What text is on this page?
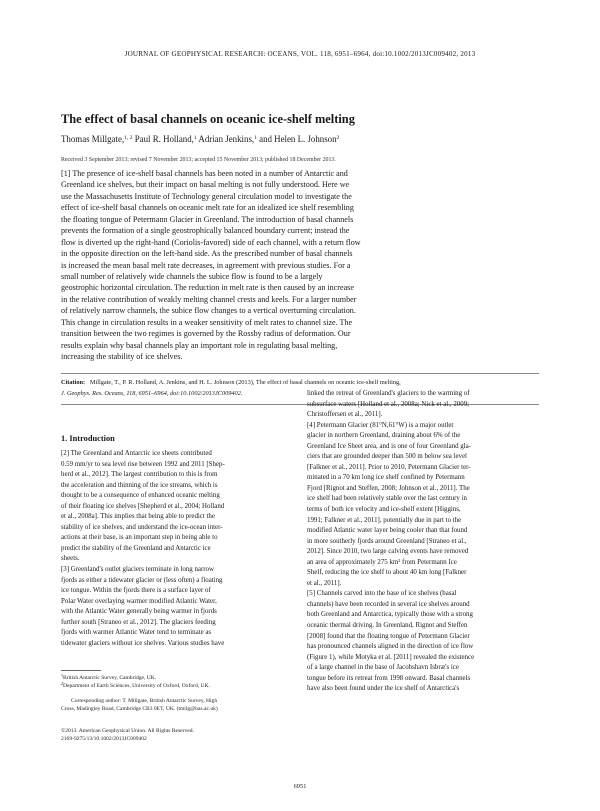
JOURNAL OF GEOPHYSICAL RESEARCH: OCEANS, VOL. 118, 6951–6964, doi:10.1002/2013JC009402, 2013
The effect of basal channels on oceanic ice-shelf melting
Thomas Millgate,$^{1, 2}$ Paul R. Holland,$^1$ Adrian Jenkins,$^1$ and Helen L. Johnson$^2$
Received 3 September 2013; revised 7 November 2013; accepted 15 November 2013; published 18 December 2013.
[1] The presence of ice-shelf basal channels has been noted in a number of Antarctic and
Greenland ice shelves, but their impact on basal melting is not fully understood. Here we
use the Massachusetts Institute of Technology general circulation model to investigate the
effect of ice-shelf basal channels on oceanic melt rate for an idealized ice shelf resembling
the floating tongue of Petermann Glacier in Greenland. The introduction of basal channels
prevents the formation of a single geostrophically balanced boundary current; instead the
flow is diverted up the right-hand (Coriolis-favored) side of each channel, with a return flow
in the opposite direction on the left-hand side. As the prescribed number of basal channels
is increased the mean basal melt rate decreases, in agreement with previous studies. For a
small number of relatively wide channels the subice flow is found to be a largely
geostrophic horizontal circulation. The reduction in melt rate is then caused by an increase
in the relative contribution of weakly melting channel crests and keels. For a larger number
of relatively narrow channels, the subice flow changes to a vertical overturning circulation.
This change in circulation results in a weaker sensitivity of melt rates to channel size. The
transition between the two regimes is governed by the Rossby radius of deformation. Our
results explain why basal channels play an important role in regulating basal melting,
increasing the stability of ice shelves.
Citation: Millgate, T., P. R. Holland, A. Jenkins, and H. L. Johnson (2013), The effect of basal channels on oceanic ice-shelf melting,
J. Geophys. Res. Oceans, 118, 6951–6964, doi:10.1002/2013JC009402.
1. Introduction
[2] The Greenland and Antarctic ice sheets contributed
0.59 mm/yr to sea level rise between 1992 and 2011 [Shep-
herd et al., 2012]. The largest contribution to this is from
the acceleration and thinning of the ice streams, which is
thought to be a consequence of enhanced oceanic melting
of their floating ice shelves [Shepherd et al., 2004; Holland
et al., 2008a]. This implies that being able to predict the
stability of ice shelves, and understand the ice-ocean inter-
actions at their base, is an important step in being able to
predict the stability of the Greenland and Antarctic ice
sheets.
[3] Greenland's outlet glaciers terminate in long narrow
fjords as either a tidewater glacier or (less often) a floating
ice tongue. Within the fjords there is a surface layer of
Polar Water overlaying warmer modified Atlantic Water,
with the Atlantic Water generally being warmer in fjords
further south [Straneo et al., 2012]. The glaciers feeding
fjords with warmer Atlantic Water tend to terminate as
tidewater glaciers without ice shelves. Various studies have
$^1$British Antarctic Survey, Cambridge, UK.
$^2$Department of Earth Sciences, University of Oxford, Oxford, UK.
Corresponding author: T. Millgate, British Antarctic Survey, High
Cross, Madingley Road, Cambridge CB3 0ET, UK. (tmilg@bas.ac.uk)
©2013. American Geophysical Union. All Rights Reserved.
2169-9275/13/10.1002/2013JC009402
linked the retreat of Greenland's glaciers to the warming of
subsurface waters [Holland et al., 2008a; Nick et al., 2009;
Christoffersen et al., 2011].
[4] Petermann Glacier (81°N,61°W) is a major outlet
glacier in northern Greenland, draining about 6% of the
Greenland Ice Sheet area, and is one of four Greenland gla-
ciers that are grounded deeper than 500 m below sea level
[Falkner et al., 2011]. Prior to 2010, Petermann Glacier ter-
minated in a 70 km long ice shelf confined by Petermann
Fjord [Rignot and Steffen, 2008; Johnson et al., 2011]. The
ice shelf had been relatively stable over the last century in
terms of both ice velocity and ice-shelf extent [Higgins,
1991; Falkner et al., 2011], potentially due in part to the
modified Atlantic water layer being cooler than that found
in more southerly fjords around Greenland [Straneo et al.,
2012]. Since 2010, two large calving events have removed
an area of approximately 275 km² from Petermann Ice
Shelf, reducing the ice shelf to about 40 km long [Falkner
et al., 2011].
[5] Channels carved into the base of ice shelves (basal
channels) have been recorded in several ice shelves around
both Greenland and Antarctica, typically those with a strong
oceanic thermal driving. In Greenland, Rignot and Steffen
[2008] found that the floating tongue of Petermann Glacier
has pronounced channels aligned in the direction of ice flow
(Figure 1), while Motyka et al. [2011] revealed the existence
of a large channel in the base of Jacobshavn Isbræ's ice
tongue before its retreat from 1998 onward. Basal channels
have also been found under the ice shelf of Antarctica's
6951
